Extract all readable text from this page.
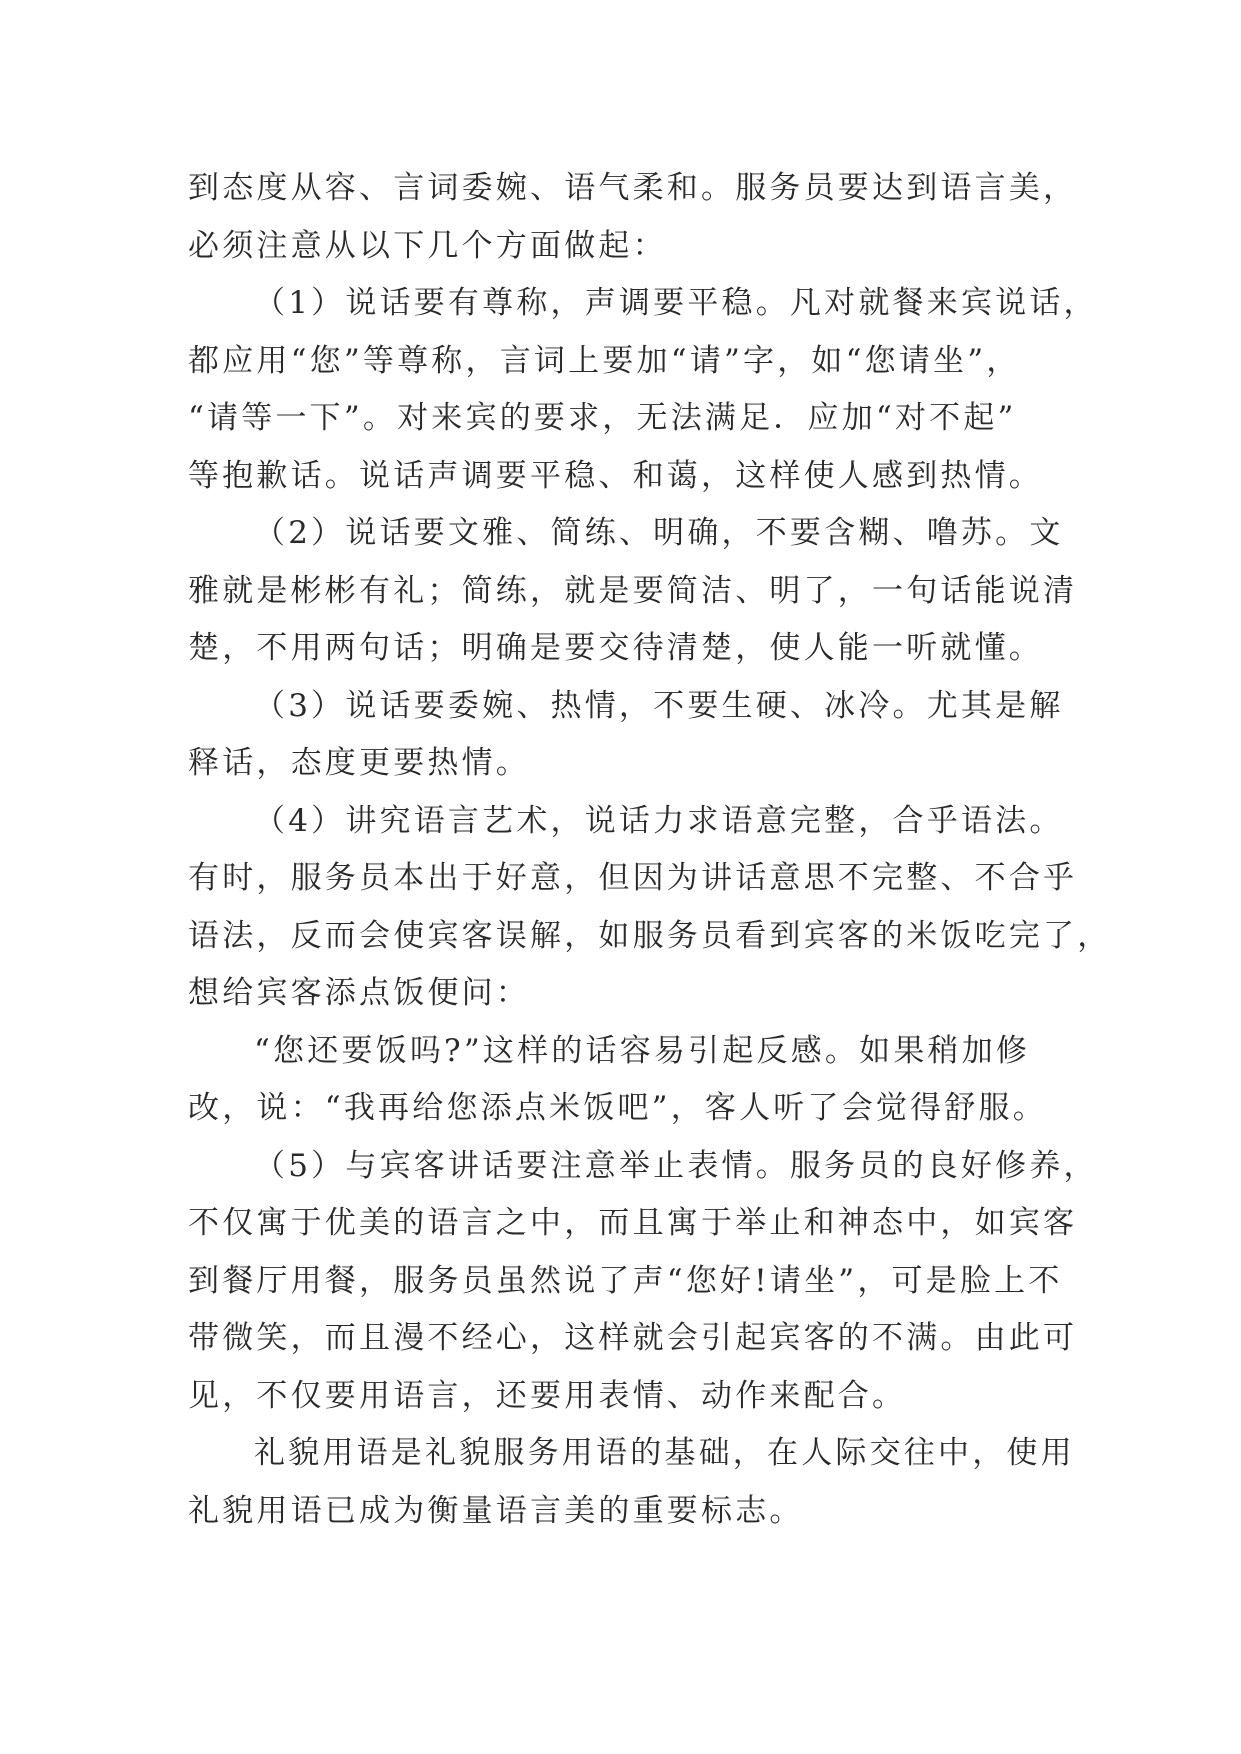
到态度从容、言词委婉、语气柔和。服务员要达到语言美，
必须注意从以下几个方面做起：
（1）说话要有尊称，声调要平稳。凡对就餐来宾说话，
都应用“您”等尊称，言词上要加“请”字，如“您请坐”，
“请等一下”。对来宾的要求，无法满足．应加“对不起”
等抱歉话。说话声调要平稳、和蔼，这样使人感到热情。
（2）说话要文雅、简练、明确，不要含糊、噜苏。文
雅就是彬彬有礼；简练，就是要简洁、明了，一句话能说清
楚，不用两句话；明确是要交待清楚，使人能一听就懂。
（3）说话要委婉、热情，不要生硬、冰冷。尤其是解
释话，态度更要热情。
（4）讲究语言艺术，说话力求语意完整，合乎语法。
有时，服务员本出于好意，但因为讲话意思不完整、不合乎
语法，反而会使宾客误解，如服务员看到宾客的米饭吃完了，
想给宾客添点饭便问：
“您还要饭吗?”这样的话容易引起反感。如果稍加修
改，说：“我再给您添点米饭吧”，客人听了会觉得舒服。
（5）与宾客讲话要注意举止表情。服务员的良好修养，
不仅寓于优美的语言之中，而且寓于举止和神态中，如宾客
到餐厅用餐，服务员虽然说了声“您好!请坐”，可是脸上不
带微笑，而且漫不经心，这样就会引起宾客的不满。由此可
见，不仅要用语言，还要用表情、动作来配合。
礼貌用语是礼貌服务用语的基础，在人际交往中，使用
礼貌用语已成为衡量语言美的重要标志。
